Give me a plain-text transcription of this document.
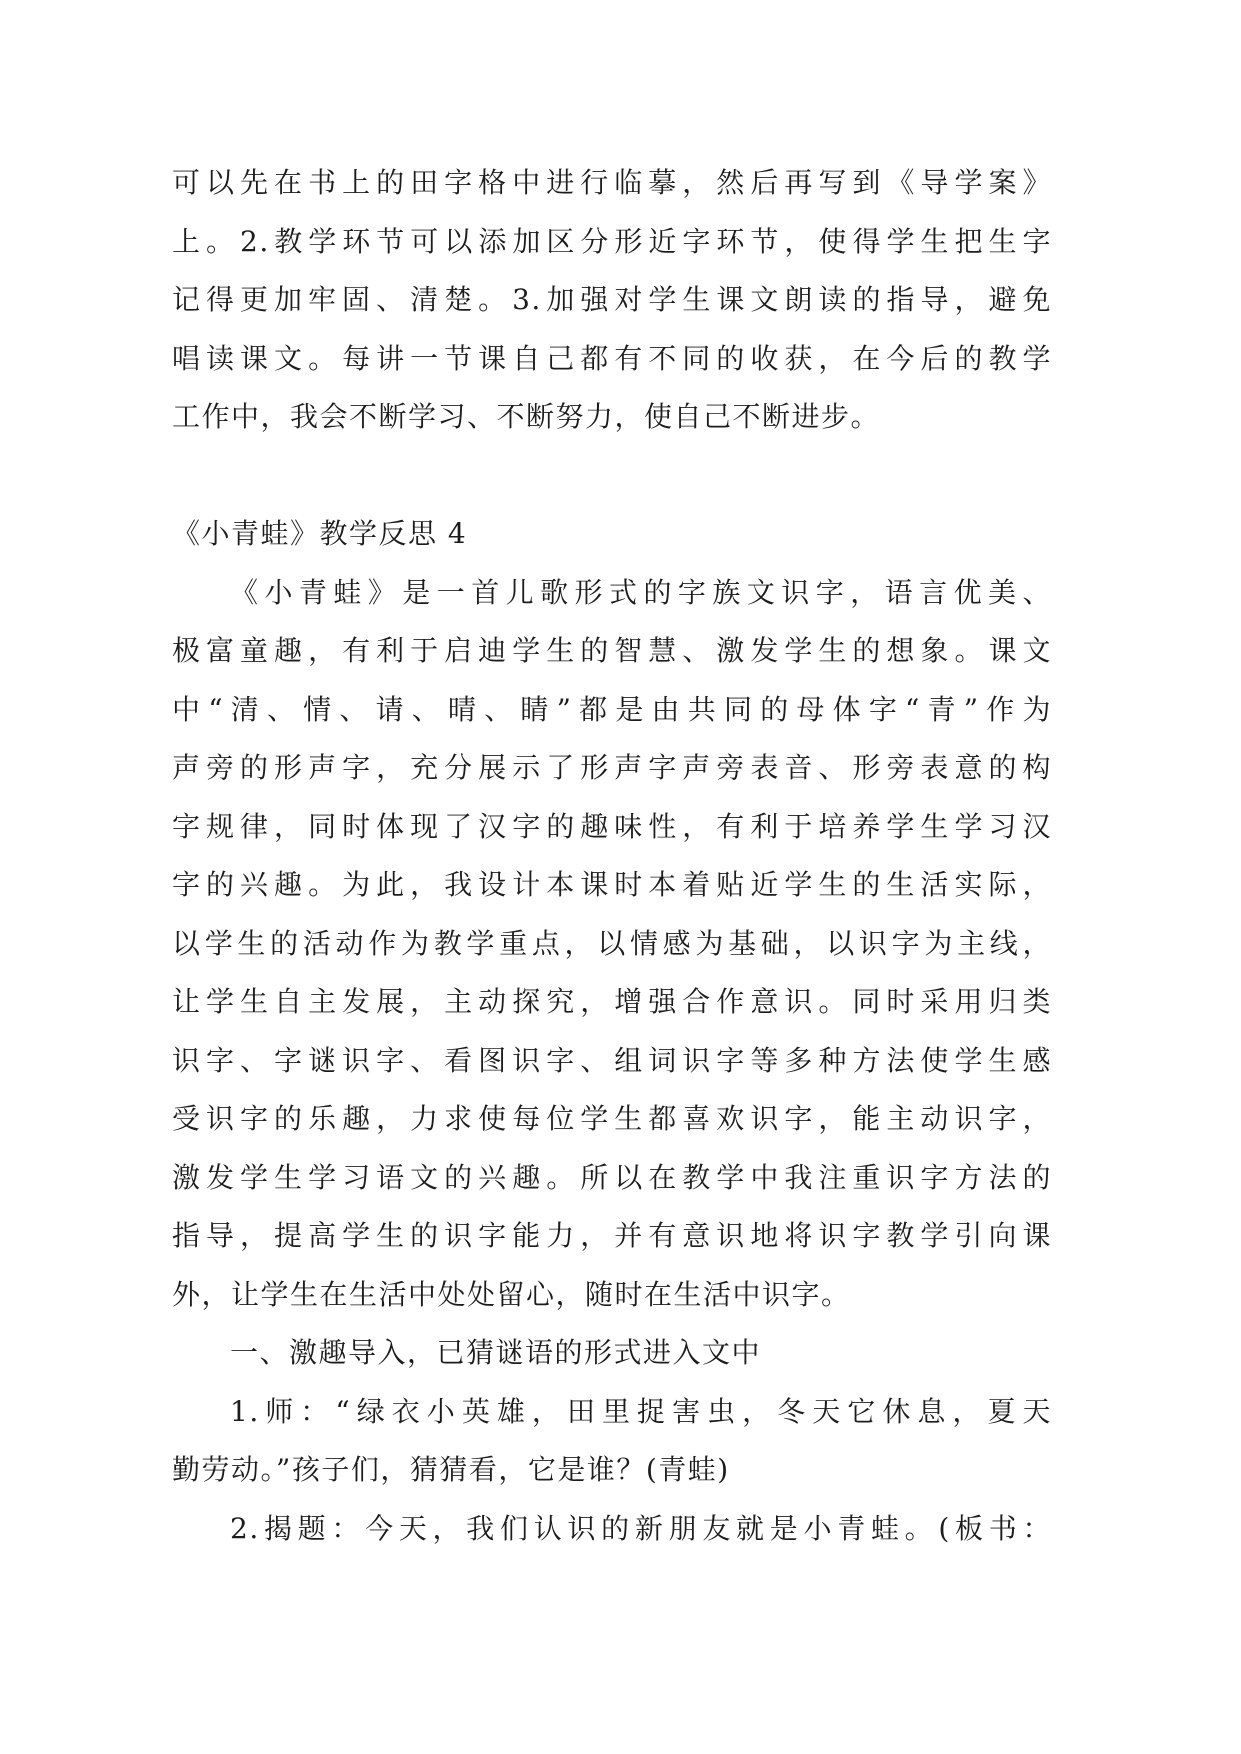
可以先在书上的田字格中进行临摹，然后再写到《导学案》
上。2.教学环节可以添加区分形近字环节，使得学生把生字
记得更加牢固、清楚。3.加强对学生课文朗读的指导，避免
唱读课文。每讲一节课自己都有不同的收获，在今后的教学
工作中，我会不断学习、不断努力，使自己不断进步。
《小青蛙》教学反思 4
《小青蛙》是一首儿歌形式的字族文识字，语言优美、
极富童趣，有利于启迪学生的智慧、激发学生的想象。课文
中“清、情、请、晴、睛”都是由共同的母体字“青”作为
声旁的形声字，充分展示了形声字声旁表音、形旁表意的构
字规律，同时体现了汉字的趣味性，有利于培养学生学习汉
字的兴趣。为此，我设计本课时本着贴近学生的生活实际，
以学生的活动作为教学重点，以情感为基础，以识字为主线，
让学生自主发展，主动探究，增强合作意识。同时采用归类
识字、字谜识字、看图识字、组词识字等多种方法使学生感
受识字的乐趣，力求使每位学生都喜欢识字，能主动识字，
激发学生学习语文的兴趣。所以在教学中我注重识字方法的
指导，提高学生的识字能力，并有意识地将识字教学引向课
外，让学生在生活中处处留心，随时在生活中识字。
一、激趣导入，已猜谜语的形式进入文中
1.师：“绿衣小英雄，田里捉害虫，冬天它休息，夏天
勤劳动。”孩子们，猜猜看，它是谁？(青蛙)
2.揭题：今天，我们认识的新朋友就是小青蛙。(板书：
